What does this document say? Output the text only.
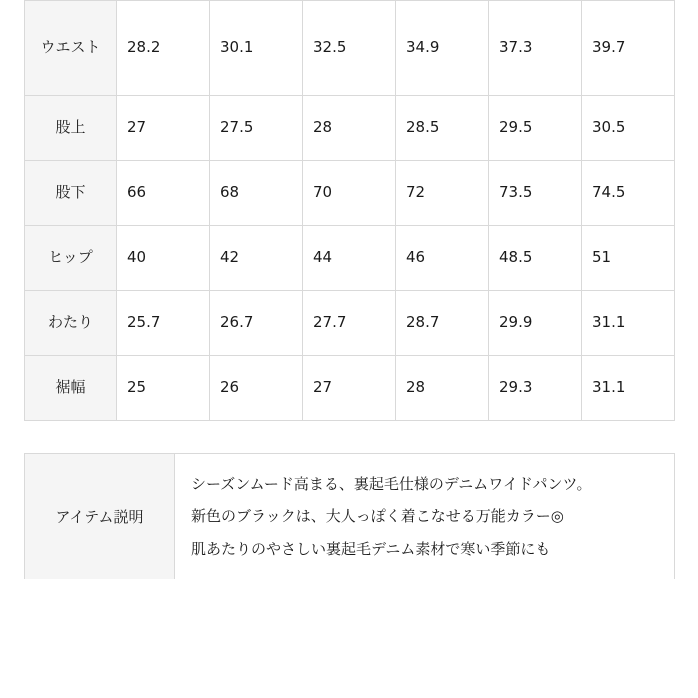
ウエスト	28.2	30.1	32.5	34.9	37.3	39.7
股上	27	27.5	28	28.5	29.5	30.5
股下	66	68	70	72	73.5	74.5
ヒップ	40	42	44	46	48.5	51
わたり	25.7	26.7	27.7	28.7	29.9	31.1
裾幅	25	26	27	28	29.3	31.1
アイテム説明	

シーズンムード高まる、裏起毛仕様のデニムワイドパンツ。

新色のブラックは、大人っぽく着こなせる万能カラー◎

肌あたりのやさしい裏起毛デニム素材で寒い季節にも
